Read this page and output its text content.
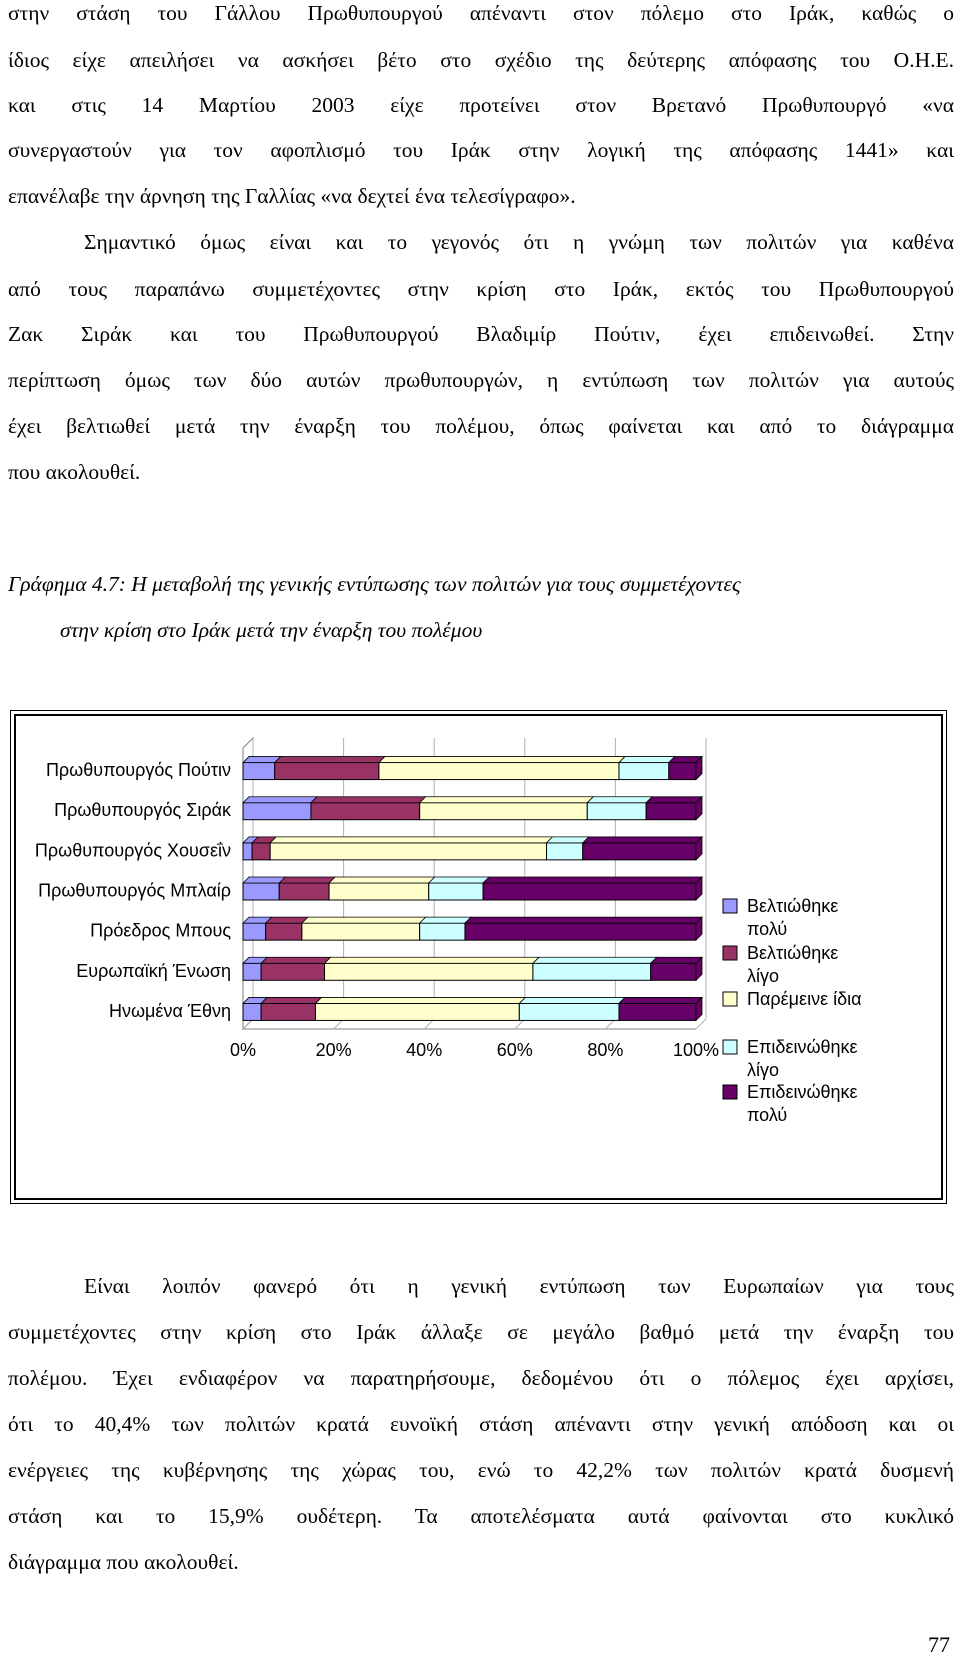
στην στάση του Γάλλου Πρωθυπουργού απέναντι στον πόλεμο στο Ιράκ, καθώς ο
ίδιος είχε απειλήσει να ασκήσει βέτο στο σχέδιο της δεύτερης απόφασης του Ο.Η.Ε.
και στις 14 Μαρτίου 2003 είχε προτείνει στον Βρετανό Πρωθυπουργό «να
συνεργαστούν για τον αφοπλισμό του Ιράκ στην λογική της απόφασης 1441» και
επανέλαβε την άρνηση της Γαλλίας «να δεχτεί ένα τελεσίγραφο».
Σημαντικό όμως είναι και το γεγονός ότι η γνώμη των πολιτών για καθένα
από τους παραπάνω συμμετέχοντες στην κρίση στο Ιράκ, εκτός του Πρωθυπουργού
Ζακ Σιράκ και του Πρωθυπουργού Βλαδιμίρ Πούτιν, έχει επιδεινωθεί. Στην
περίπτωση όμως των δύο αυτών πρωθυπουργών, η εντύπωση των πολιτών για αυτούς
έχει βελτιωθεί μετά την έναρξη του πολέμου, όπως φαίνεται και από το διάγραμμα
που ακολουθεί.
Γράφημα 4.7: Η μεταβολή της γενικής εντύπωσης των πολιτών για τους συμμετέχοντες
στην κρίση στο Ιράκ μετά την έναρξη του πολέμου
0%	20%	40%	60%	80%	100%
Πρωθυπουργός Πούτιν
Πρωθυπουργός Σιράκ
Πρωθυπουργός Χουσεΐν
Πρωθυπουργός Μπλαίρ
Πρόεδρος Μπους
Ευρωπαϊκή Ένωση
Ηνωμένα Έθνη
Βελτιώθηκε
πολύ
Βελτιώθηκε
λίγο
Παρέμεινε ίδια
Επιδεινώθηκε
λίγο
Επιδεινώθηκε
πολύ
Είναι λοιπόν φανερό ότι η γενική εντύπωση των Ευρωπαίων για τους
συμμετέχοντες στην κρίση στο Ιράκ άλλαξε σε μεγάλο βαθμό μετά την έναρξη του
πολέμου. Έχει ενδιαφέρον να παρατηρήσουμε, δεδομένου ότι ο πόλεμος έχει αρχίσει,
ότι το 40,4% των πολιτών κρατά ευνοϊκή στάση απέναντι στην γενική απόδοση και οι
ενέργειες της κυβέρνησης της χώρας του, ενώ το 42,2% των πολιτών κρατά δυσμενή
στάση και το 15,9% ουδέτερη. Τα αποτελέσματα αυτά φαίνονται στο κυκλικό
διάγραμμα που ακολουθεί.
77
